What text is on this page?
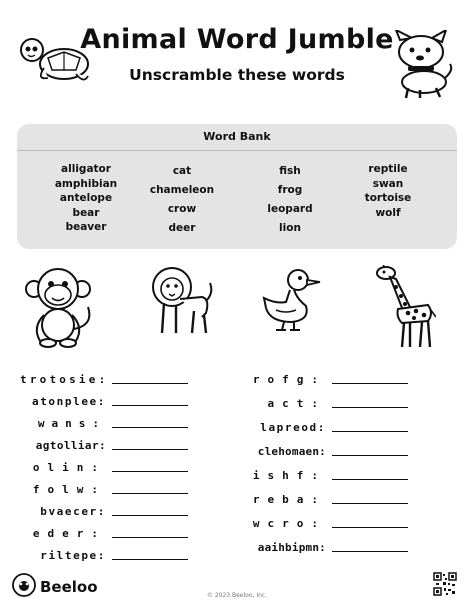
Animal Word Jumble
Unscramble these words
Word Bank
alligator
amphibian
antelope
bear
beaver
cat
chameleon
crow
deer
fish
frog
leopard
lion
reptile
swan
tortoise
wolf
trotosie:
atonplee:
wans:
agtolliar:
olin:
folw:
bvaecer:
eder:
riltepe:
rofg:
act:
lapreod:
clehomaen:
ishf:
reba:
wcro:
aaihbipmn:
Beeloo	© 2023 Beeloo, Inc.
